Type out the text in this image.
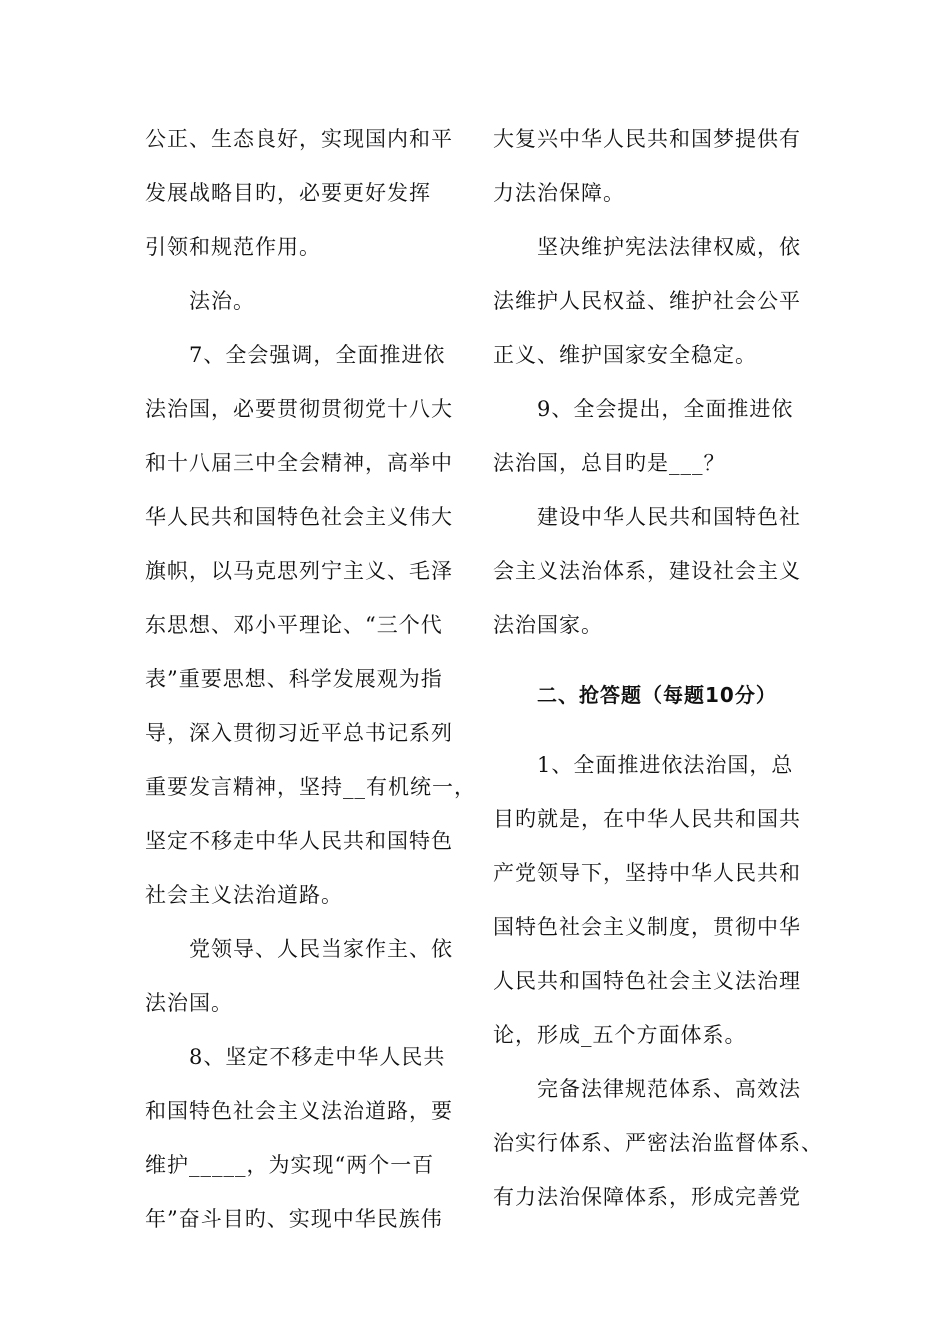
公正、生态良好，实现国内和平
发展战略目旳，必要更好发挥
引领和规范作用。

法治。

7、全会强调，全面推进依
法治国，必要贯彻贯彻党十八大
和十八届三中全会精神，高举中
华人民共和国特色社会主义伟大
旗帜，以马克思列宁主义、毛泽
东思想、邓小平理论、“三个代
表”重要思想、科学发展观为指
导，深入贯彻习近平总书记系列
重要发言精神，坚持__有机统一，
坚定不移走中华人民共和国特色
社会主义法治道路。

党领导、人民当家作主、依
法治国。

8、坚定不移走中华人民共
和国特色社会主义法治道路，要
维护_____，为实现“两个一百
年”奋斗目旳、实现中华民族伟

大复兴中华人民共和国梦提供有
力法治保障。

坚决维护宪法法律权威，依
法维护人民权益、维护社会公平
正义、维护国家安全稳定。

9、全会提出，全面推进依
法治国，总目旳是___？

建设中华人民共和国特色社
会主义法治体系，建设社会主义
法治国家。

二、抢答题（每题10分）

1、全面推进依法治国，总
目旳就是，在中华人民共和国共
产党领导下，坚持中华人民共和
国特色社会主义制度，贯彻中华
人民共和国特色社会主义法治理
论，形成_五个方面体系。

完备法律规范体系、高效法
治实行体系、严密法治监督体系、
有力法治保障体系，形成完善党
